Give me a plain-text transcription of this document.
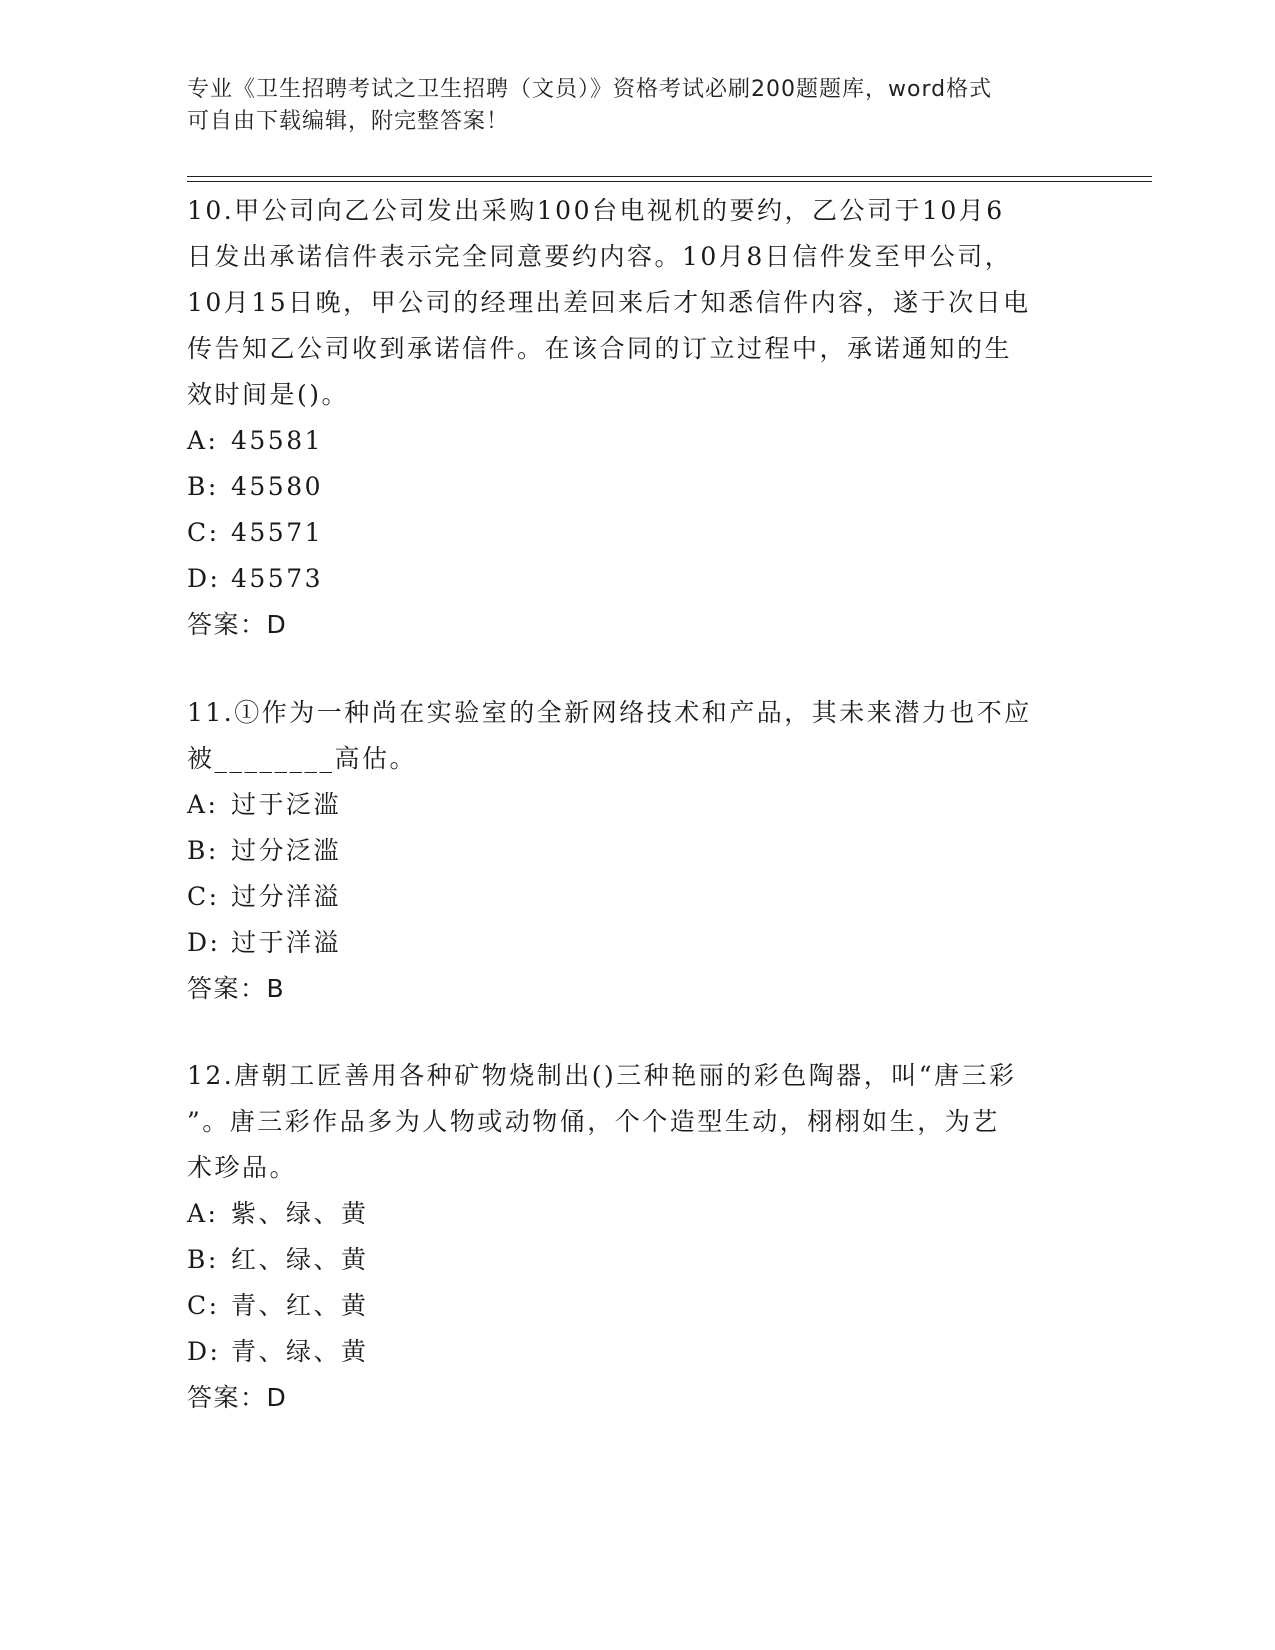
专业《卫生招聘考试之卫生招聘（文员）》资格考试必刷200题题库，word格式
可自由下载编辑，附完整答案！

10.甲公司向乙公司发出采购100台电视机的要约，乙公司于10月6

日发出承诺信件表示完全同意要约内容。10月8日信件发至甲公司，

10月15日晚，甲公司的经理出差回来后才知悉信件内容，遂于次日电

传告知乙公司收到承诺信件。在该合同的订立过程中，承诺通知的生

效时间是()。

A: 45581

B: 45580

C: 45571

D: 45573

答案：D

11.①作为一种尚在实验室的全新网络技术和产品，其未来潜力也不应

被________高估。

A: 过于泛滥

B: 过分泛滥

C: 过分洋溢

D: 过于洋溢

答案：B

12.唐朝工匠善用各种矿物烧制出()三种艳丽的彩色陶器，叫“唐三彩

”。唐三彩作品多为人物或动物俑，个个造型生动，栩栩如生，为艺

术珍品。

A: 紫、绿、黄

B: 红、绿、黄

C: 青、红、黄

D: 青、绿、黄

答案：D
